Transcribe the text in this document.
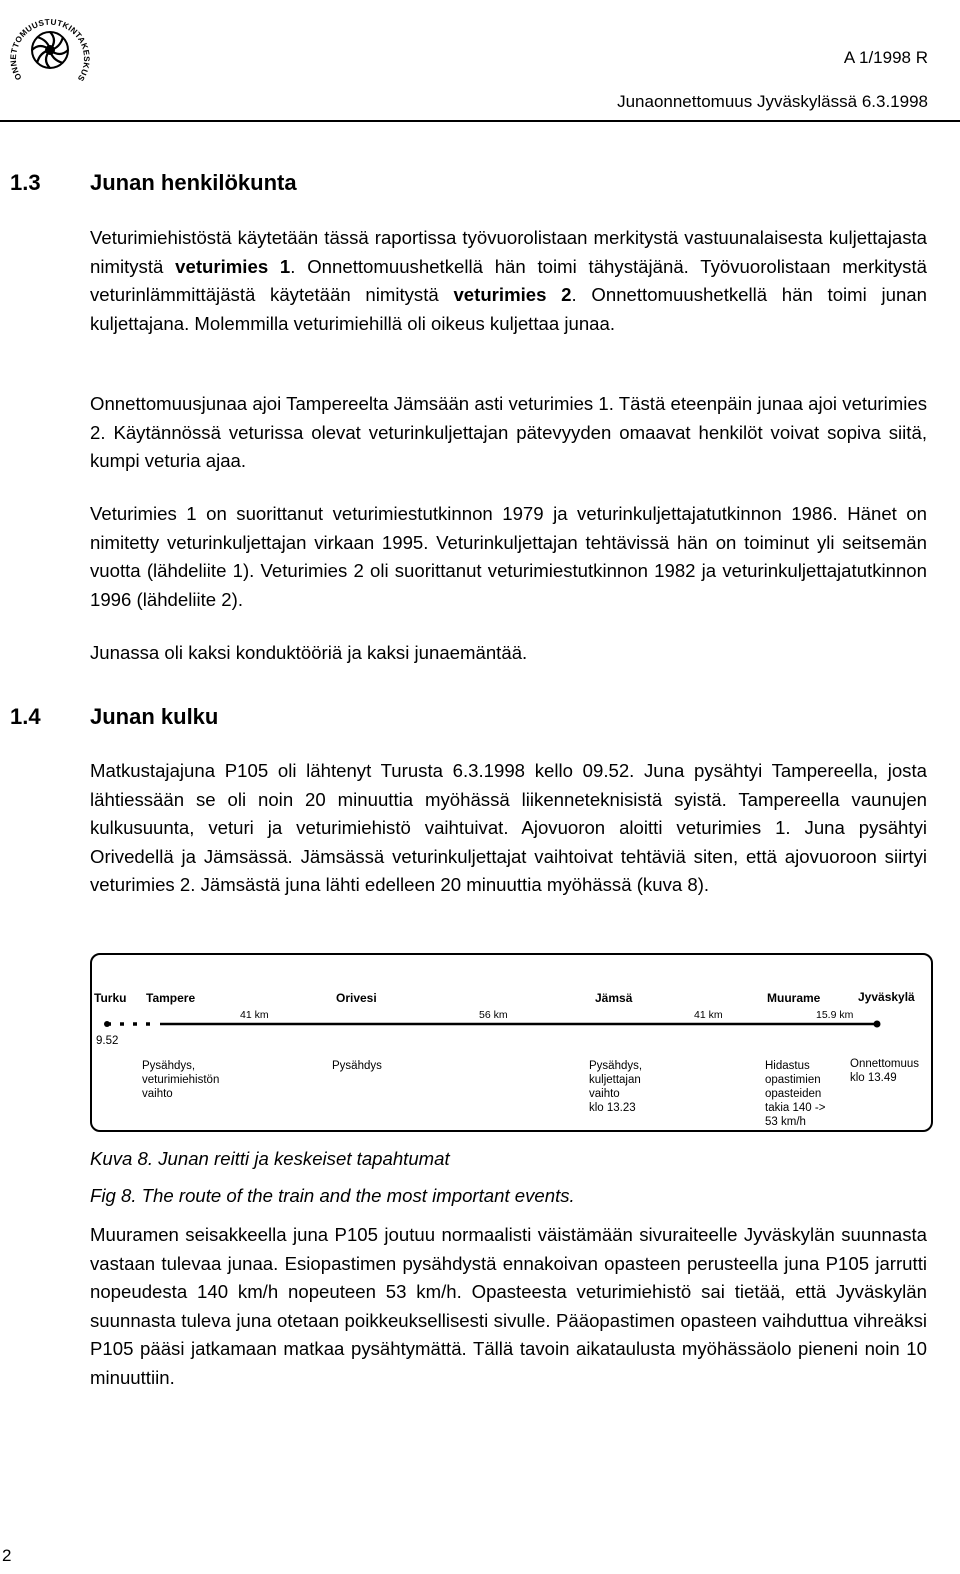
ONNETTOMUUSTUTKINTAKESKUS
A 1/1998 R
Junaonnettomuus Jyväskylässä 6.3.1998
1.3 Junan henkilökunta

Veturimiehistöstä käytetään tässä raportissa työvuorolistaan merkitystä vastuunalaisesta kuljettajasta nimitystä veturimies 1. Onnettomuushetkellä hän toimi tähystäjänä. Työvuorolistaan merkitystä veturinlämmittäjästä käytetään nimitystä veturimies 2. Onnettomuushetkellä hän toimi junan kuljettajana. Molemmilla veturimiehillä oli oikeus kuljettaa junaa.

Onnettomuusjunaa ajoi Tampereelta Jämsään asti veturimies 1. Tästä eteenpäin junaa ajoi veturimies 2. Käytännössä veturissa olevat veturinkuljettajan pätevyyden omaavat henkilöt voivat sopiva siitä, kumpi veturia ajaa.

Veturimies 1 on suorittanut veturimiestutkinnon 1979 ja veturinkuljettajatutkinnon 1986. Hänet on nimitetty veturinkuljettajan virkaan 1995. Veturinkuljettajan tehtävissä hän on toiminut yli seitsemän vuotta (lähdeliite 1). Veturimies 2 oli suorittanut veturimiestutkinnon 1982 ja veturinkuljettajatutkinnon 1996 (lähdeliite 2).

Junassa oli kaksi konduktööriä ja kaksi junaemäntää.

1.4 Junan kulku

Matkustajajuna P105 oli lähtenyt Turusta 6.3.1998 kello 09.52. Juna pysähtyi Tampereella, josta lähtiessään se oli noin 20 minuuttia myöhässä liikenneteknisistä syistä. Tampereella vaunujen kulkusuunta, veturi ja veturimiehistö vaihtuivat. Ajovuoron aloitti veturimies 1. Juna pysähtyi Orivedellä ja Jämsässä. Jämsässä veturinkuljettajat vaihtoivat tehtäviä siten, että ajovuoroon siirtyi veturimies 2. Jämsästä juna lähti edelleen 20 minuuttia myöhässä (kuva 8).

Turku Tampere	Orivesi	Jämsä	Muurame	Jyväskylä
41 km	56 km	41 km	15.9 km
9.52
Pysähdys,
veturimiehistön
vaihto
Pysähdys	Pysähdys,
kuljettajan
vaihto
klo 13.23
Hidastus
opastimien
opasteiden
takia 140 ->
53 km/h
Onnettomuus
klo 13.49
Kuva 8. Junan reitti ja keskeiset tapahtumat
Fig 8. The route of the train and the most important events.

Muuramen seisakkeella juna P105 joutuu normaalisti väistämään sivuraiteelle Jyväskylän suunnasta vastaan tulevaa junaa. Esiopastimen pysähdystä ennakoivan opasteen perusteella juna P105 jarrutti nopeudesta 140 km/h nopeuteen 53 km/h. Opasteesta veturimiehistö sai tietää, että Jyväskylän suunnasta tuleva juna otetaan poikkeuksellisesti sivulle. Pääopastimen opasteen vaihduttua vihreäksi P105 pääsi jatkamaan matkaa pysähtymättä. Tällä tavoin aikataulusta myöhässäolo pieneni noin 10 minuuttiin.

2
